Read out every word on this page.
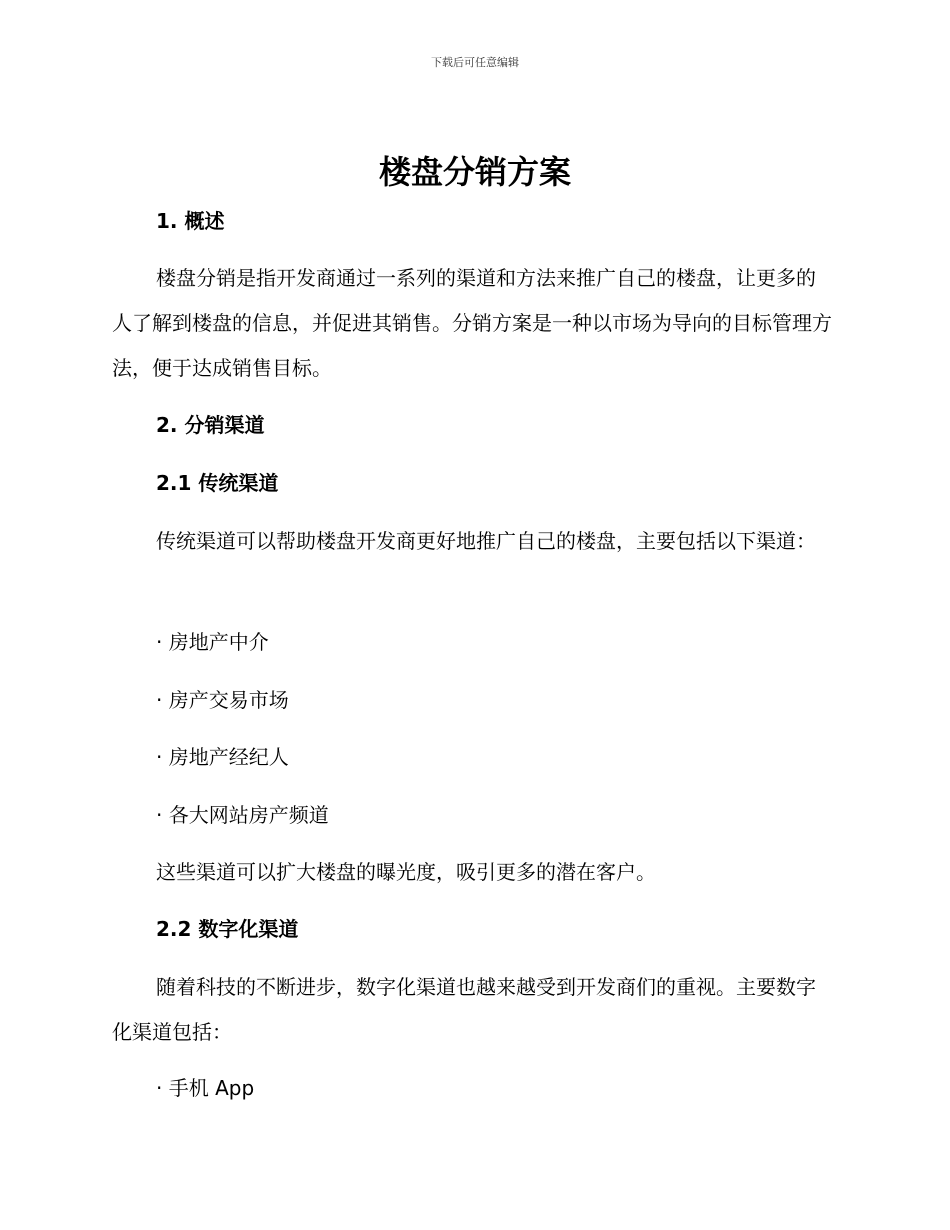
下载后可任意编辑
楼盘分销方案

1. 概述

楼盘分销是指开发商通过一系列的渠道和方法来推广自己的楼盘，让更多的人了解到楼盘的信息，并促进其销售。分销方案是一种以市场为导向的目标管理方法，便于达成销售目标。

2. 分销渠道

2.1 传统渠道

传统渠道可以帮助楼盘开发商更好地推广自己的楼盘，主要包括以下渠道：

· 房地产中介

· 房产交易市场

· 房地产经纪人

· 各大网站房产频道

这些渠道可以扩大楼盘的曝光度，吸引更多的潜在客户。

2.2 数字化渠道

随着科技的不断进步，数字化渠道也越来越受到开发商们的重视。主要数字化渠道包括：

· 手机 App
